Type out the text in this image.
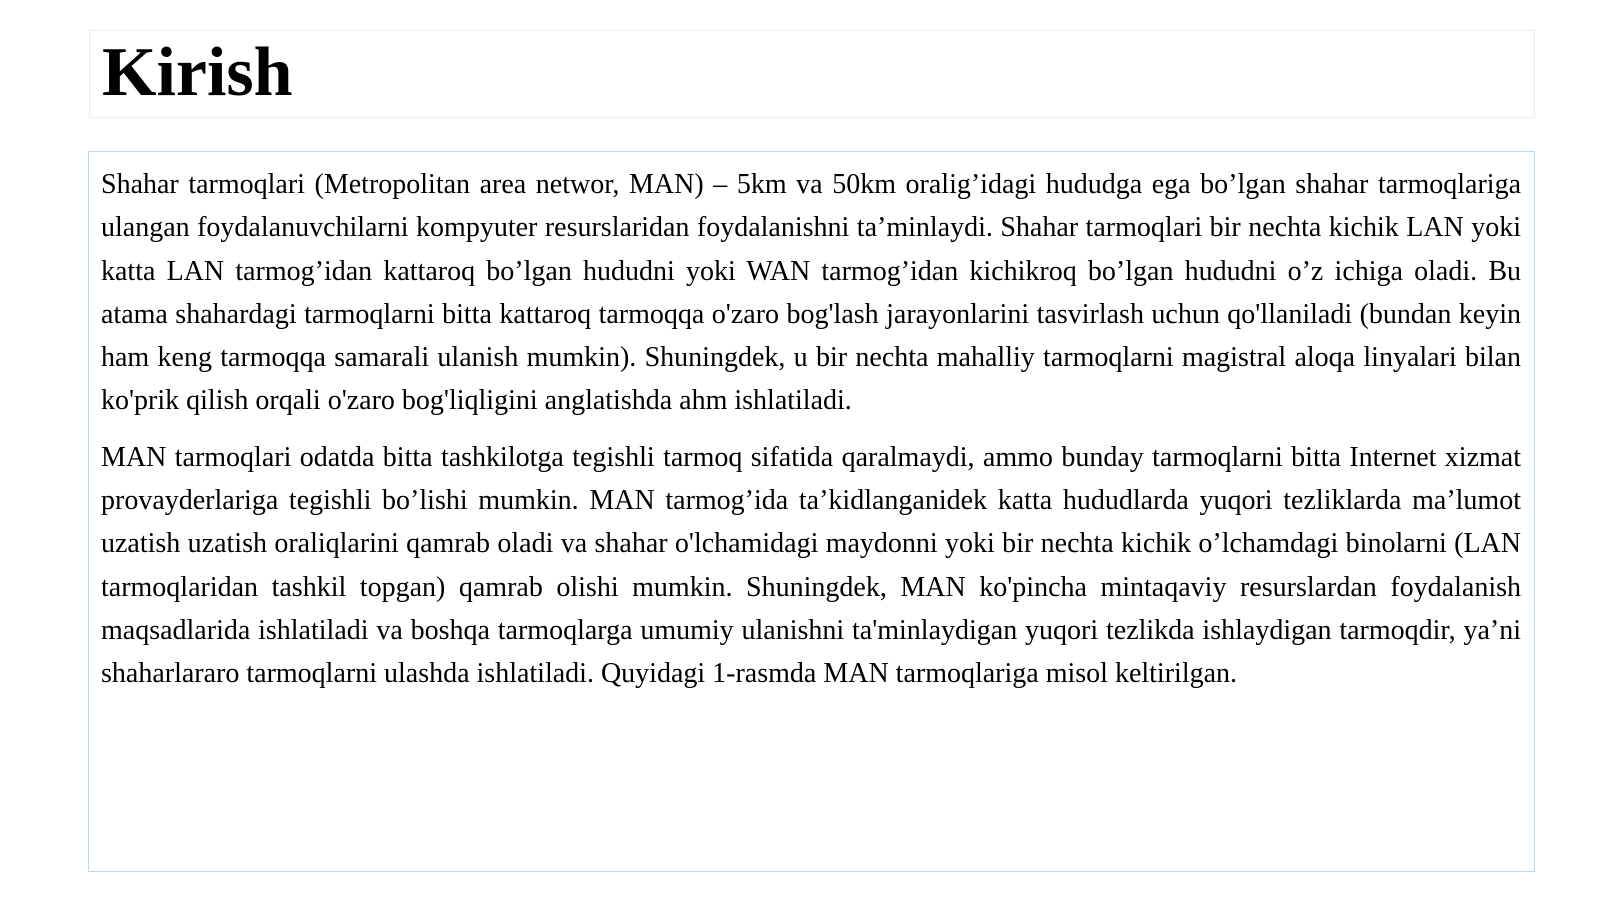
Kirish

Shahar tarmoqlari (Metropolitan area networ, MAN) – 5km va 50km oralig’idagi hududga ega bo’lgan shahar tarmoqlariga ulangan foydalanuvchilarni kompyuter resurslaridan foydalanishni ta’minlaydi. Shahar tarmoqlari bir nechta kichik LAN yoki katta LAN tarmog’idan kattaroq bo’lgan hududni yoki WAN tarmog’idan kichikroq bo’lgan hududni o’z ichiga oladi. Bu atama shahardagi tarmoqlarni bitta kattaroq tarmoqqa o'zaro bog'lash jarayonlarini tasvirlash uchun qo'llaniladi (bundan keyin ham keng tarmoqqa samarali ulanish mumkin). Shuningdek, u bir nechta mahalliy tarmoqlarni magistral aloqa linyalari bilan ko'prik qilish orqali o'zaro bog'liqligini anglatishda ahm ishlatiladi.

MAN tarmoqlari odatda bitta tashkilotga tegishli tarmoq sifatida qaralmaydi, ammo bunday tarmoqlarni bitta Internet xizmat provayderlariga tegishli bo’lishi mumkin. MAN tarmog’ida ta’kidlanganidek katta hududlarda yuqori tezliklarda ma’lumot uzatish uzatish oraliqlarini qamrab oladi va shahar o'lchamidagi maydonni yoki bir nechta kichik o’lchamdagi binolarni (LAN tarmoqlaridan tashkil topgan) qamrab olishi mumkin. Shuningdek, MAN ko'pincha mintaqaviy resurslardan foydalanish maqsadlarida ishlatiladi va boshqa tarmoqlarga umumiy ulanishni ta'minlaydigan yuqori tezlikda ishlaydigan tarmoqdir, ya’ni shaharlararo tarmoqlarni ulashda ishlatiladi. Quyidagi 1-rasmda MAN tarmoqlariga misol keltirilgan.
